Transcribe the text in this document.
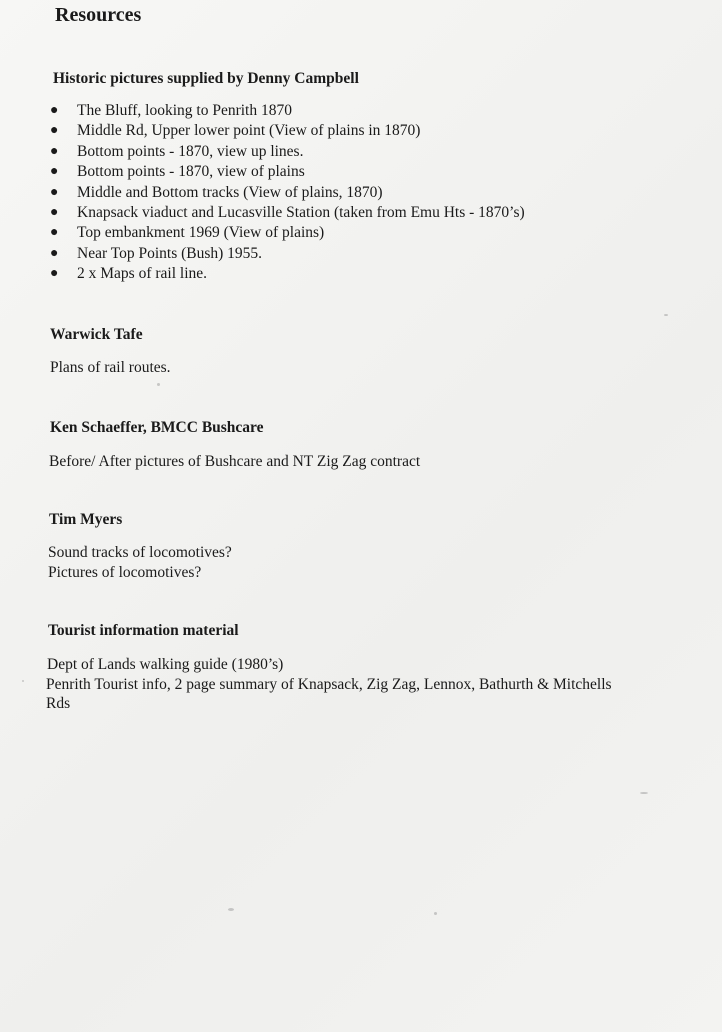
Resources
Historic pictures supplied by Denny Campbell
●	The Bluff, looking to Penrith 1870
●	Middle Rd, Upper lower point (View of plains in 1870)
●	Bottom points - 1870, view up lines.
●	Bottom points - 1870, view of plains
●	Middle and Bottom tracks (View of plains, 1870)
●	Knapsack viaduct and Lucasville Station (taken from Emu Hts - 1870’s)
●	Top embankment 1969 (View of plains)
●	Near Top Points (Bush) 1955.
●	2 x Maps of rail line.
Warwick Tafe

Plans of rail routes.

Ken Schaeffer, BMCC Bushcare

Before/ After pictures of Bushcare and NT Zig Zag contract

Tim Myers

Sound tracks of locomotives?

Pictures of locomotives?

Tourist information material

Dept of Lands walking guide (1980’s)

Penrith Tourist info, 2 page summary of Knapsack, Zig Zag, Lennox, Bathurth & Mitchells

Rds
